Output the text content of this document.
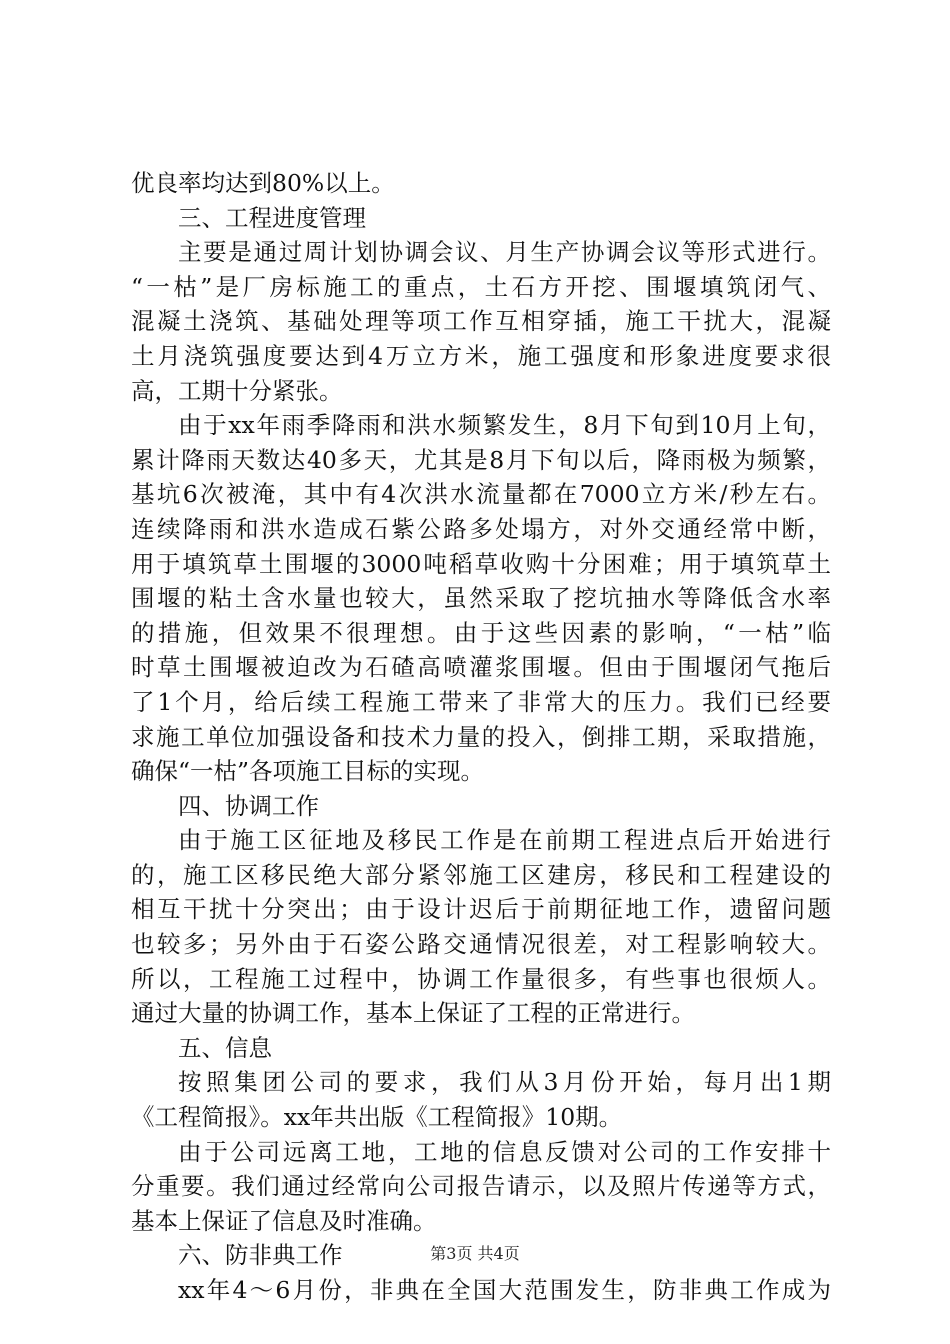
优良率均达到80%以上。
三、工程进度管理
主要是通过周计划协调会议、月生产协调会议等形式进行。
“一枯”是厂房标施工的重点，土石方开挖、围堰填筑闭气、
混凝土浇筑、基础处理等项工作互相穿插，施工干扰大，混凝
土月浇筑强度要达到4万立方米，施工强度和形象进度要求很
高，工期十分紧张。
由于xx年雨季降雨和洪水频繁发生，8月下旬到10月上旬，
累计降雨天数达40多天，尤其是8月下旬以后，降雨极为频繁，
基坑6次被淹，其中有4次洪水流量都在7000立方米/秒左右。
连续降雨和洪水造成石紫公路多处塌方，对外交通经常中断，
用于填筑草土围堰的3000吨稻草收购十分困难；用于填筑草土
围堰的粘土含水量也较大，虽然采取了挖坑抽水等降低含水率
的措施，但效果不很理想。由于这些因素的影响，“一枯”临
时草土围堰被迫改为石碴高喷灌浆围堰。但由于围堰闭气拖后
了1个月，给后续工程施工带来了非常大的压力。我们已经要
求施工单位加强设备和技术力量的投入，倒排工期，采取措施，
确保“一枯”各项施工目标的实现。
四、协调工作
由于施工区征地及移民工作是在前期工程进点后开始进行
的，施工区移民绝大部分紧邻施工区建房，移民和工程建设的
相互干扰十分突出；由于设计迟后于前期征地工作，遗留问题
也较多；另外由于石姿公路交通情况很差，对工程影响较大。
所以，工程施工过程中，协调工作量很多，有些事也很烦人。
通过大量的协调工作，基本上保证了工程的正常进行。
五、信息
按照集团公司的要求，我们从3月份开始，每月出1期
《工程简报》。xx年共出版《工程简报》10期。
由于公司远离工地，工地的信息反馈对公司的工作安排十
分重要。我们通过经常向公司报告请示，以及照片传递等方式，
基本上保证了信息及时准确。
六、防非典工作
xx年4～6月份，非典在全国大范围发生，防非典工作成为
第3页 共4页
